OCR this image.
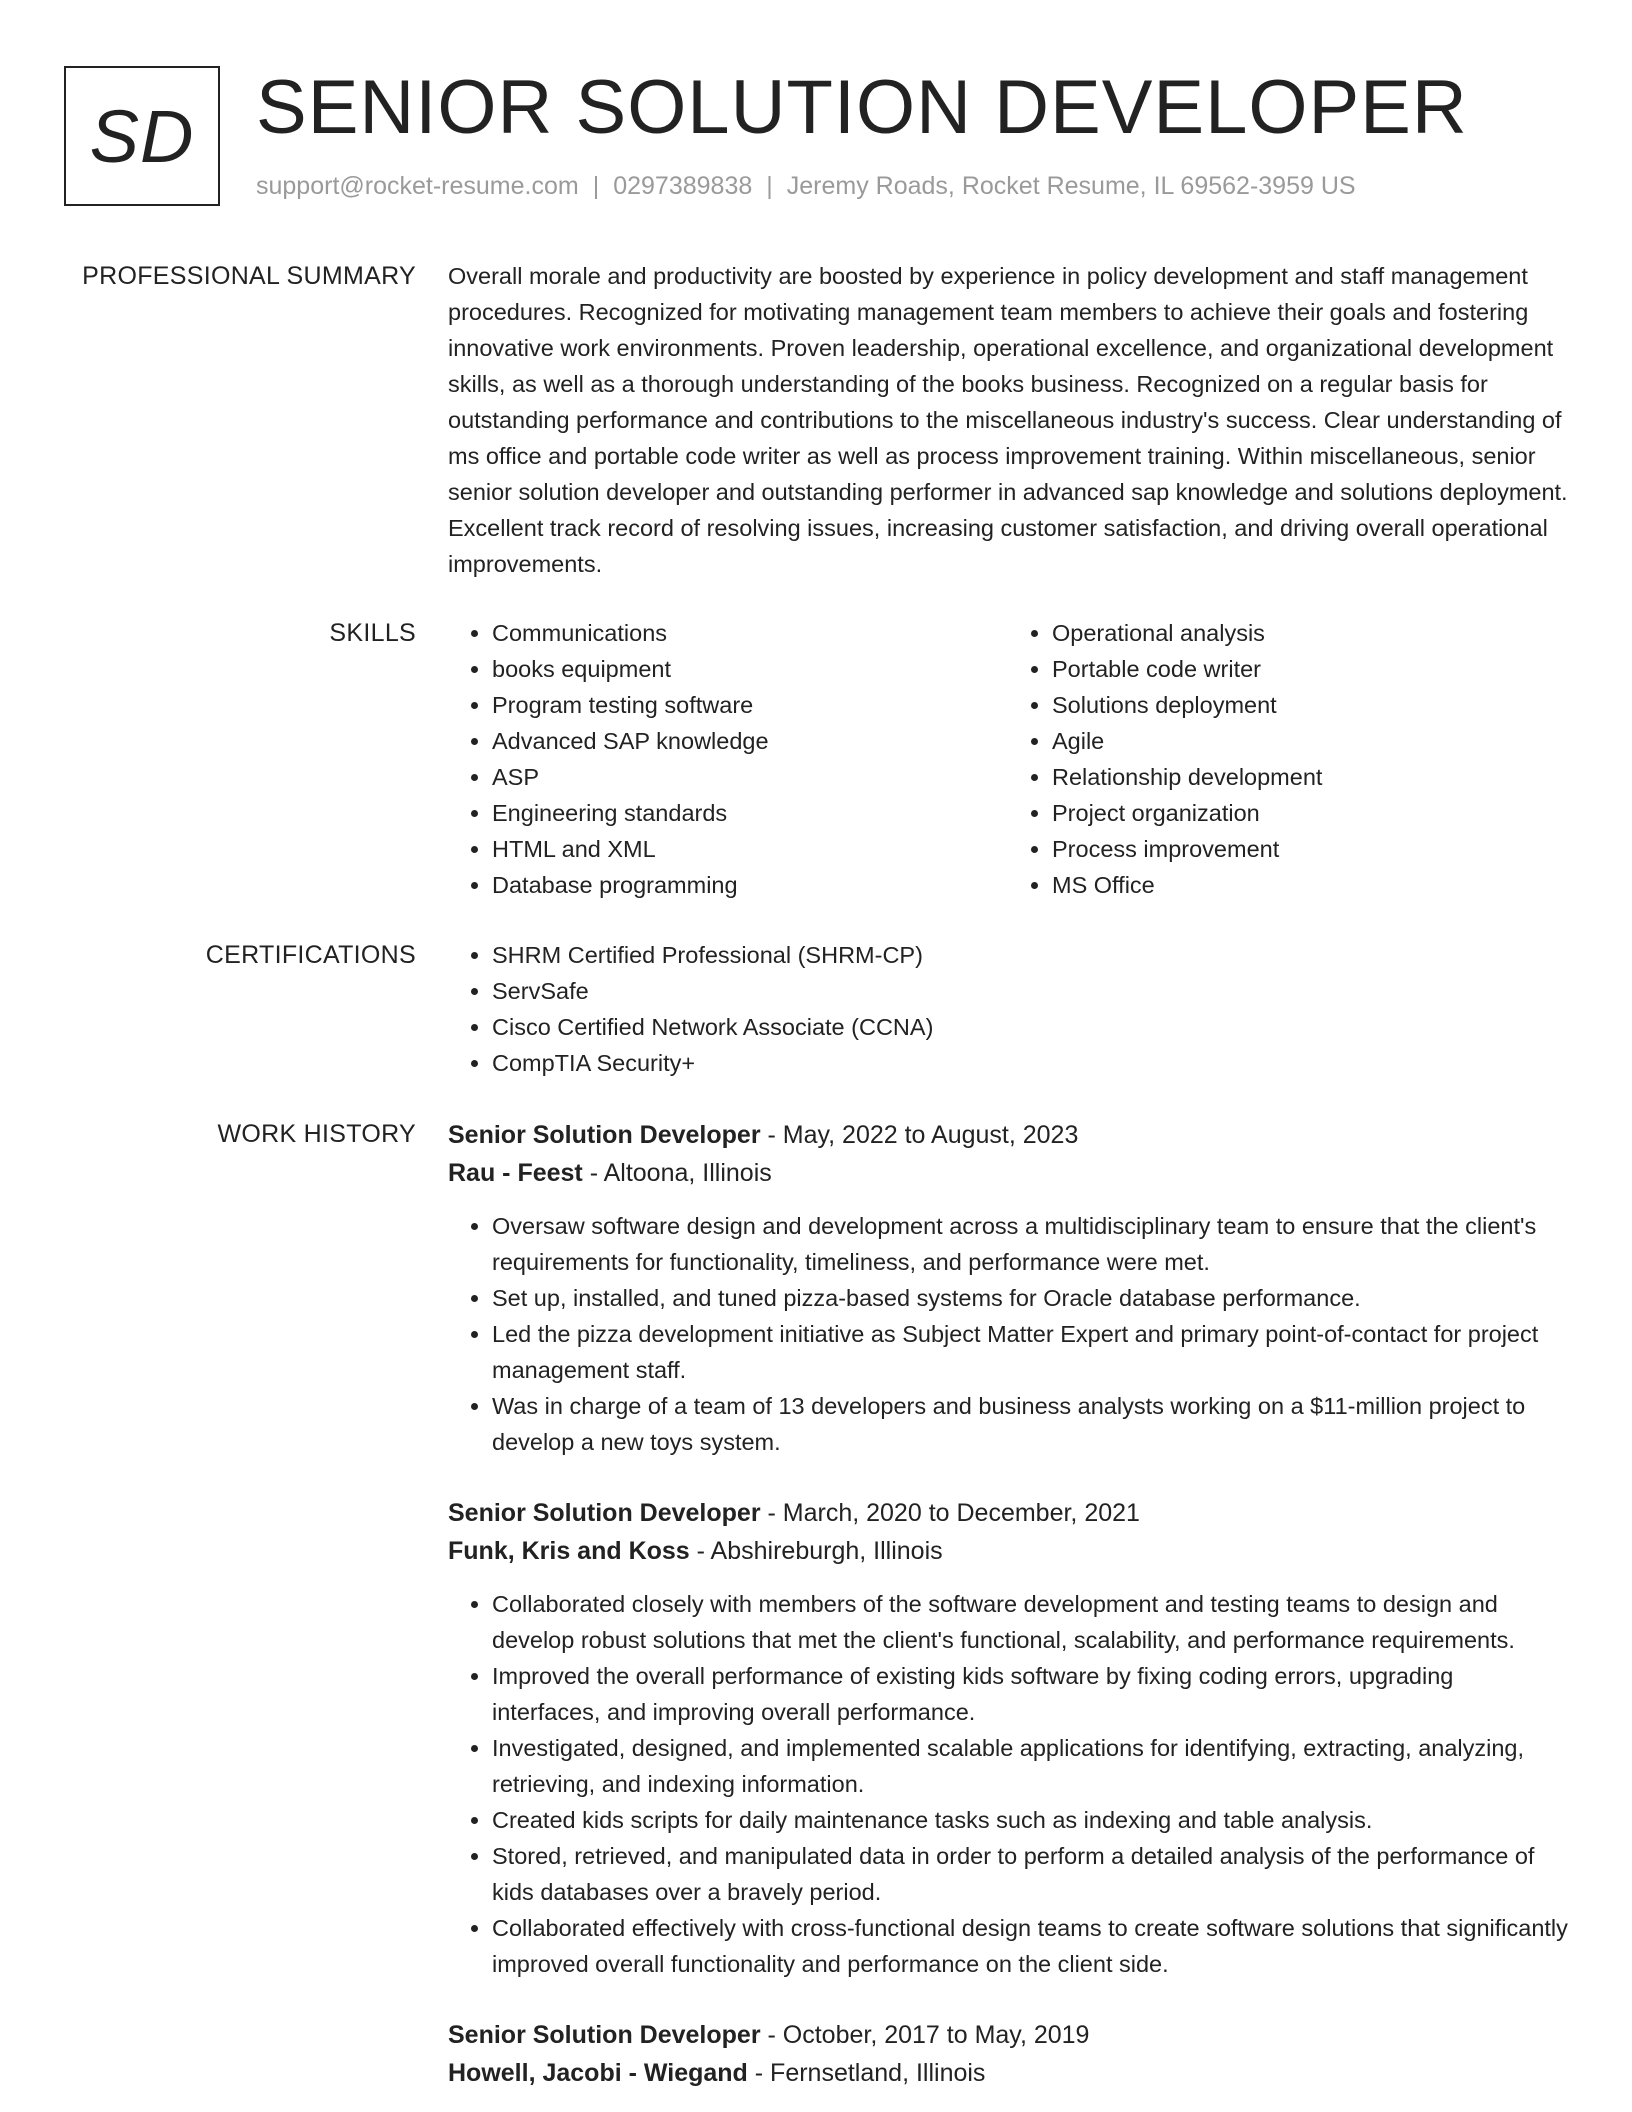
SD SENIOR SOLUTION DEVELOPER
support@rocket-resume.com | 0297389838 | Jeremy Roads, Rocket Resume, IL 69562-3959 US
PROFESSIONAL SUMMARY Overall morale and productivity are boosted by experience in policy development and staff management procedures. Recognized for motivating management team members to achieve their goals and fostering innovative work environments. Proven leadership, operational excellence, and organizational development skills, as well as a thorough understanding of the books business. Recognized on a regular basis for outstanding performance and contributions to the miscellaneous industry's success. Clear understanding of ms office and portable code writer as well as process improvement training. Within miscellaneous, senior senior solution developer and outstanding performer in advanced sap knowledge and solutions deployment. Excellent track record of resolving issues, increasing customer satisfaction, and driving overall operational improvements.

SKILLS	• Communications
• books equipment
• Program testing software
• Advanced SAP knowledge
• ASP
• Engineering standards
• HTML and XML
• Database programming
• Operational analysis
• Portable code writer
• Solutions deployment
• Agile
• Relationship development
• Project organization
• Process improvement
• MS Office
CERTIFICATIONS	• SHRM Certified Professional (SHRM-CP)
• ServSafe
• Cisco Certified Network Associate (CCNA)
• CompTIA Security+
WORK HISTORY Senior Solution Developer - May, 2022 to August, 2023
Rau - Feest - Altoona, Illinois
• Oversaw software design and development across a multidisciplinary team to ensure that the client's requirements for functionality, timeliness, and performance were met.
• Set up, installed, and tuned pizza-based systems for Oracle database performance.
• Led the pizza development initiative as Subject Matter Expert and primary point-of-contact for project management staff.
• Was in charge of a team of 13 developers and business analysts working on a $11-million project to develop a new toys system.
Senior Solution Developer - March, 2020 to December, 2021
Funk, Kris and Koss - Abshireburgh, Illinois
• Collaborated closely with members of the software development and testing teams to design and develop robust solutions that met the client's functional, scalability, and performance requirements.
• Improved the overall performance of existing kids software by fixing coding errors, upgrading interfaces, and improving overall performance.
• Investigated, designed, and implemented scalable applications for identifying, extracting, analyzing, retrieving, and indexing information.
• Created kids scripts for daily maintenance tasks such as indexing and table analysis.
• Stored, retrieved, and manipulated data in order to perform a detailed analysis of the performance of kids databases over a bravely period.
• Collaborated effectively with cross-functional design teams to create software solutions that significantly improved overall functionality and performance on the client side.
Senior Solution Developer - October, 2017 to May, 2019
Howell, Jacobi - Wiegand - Fernsetland, Illinois
